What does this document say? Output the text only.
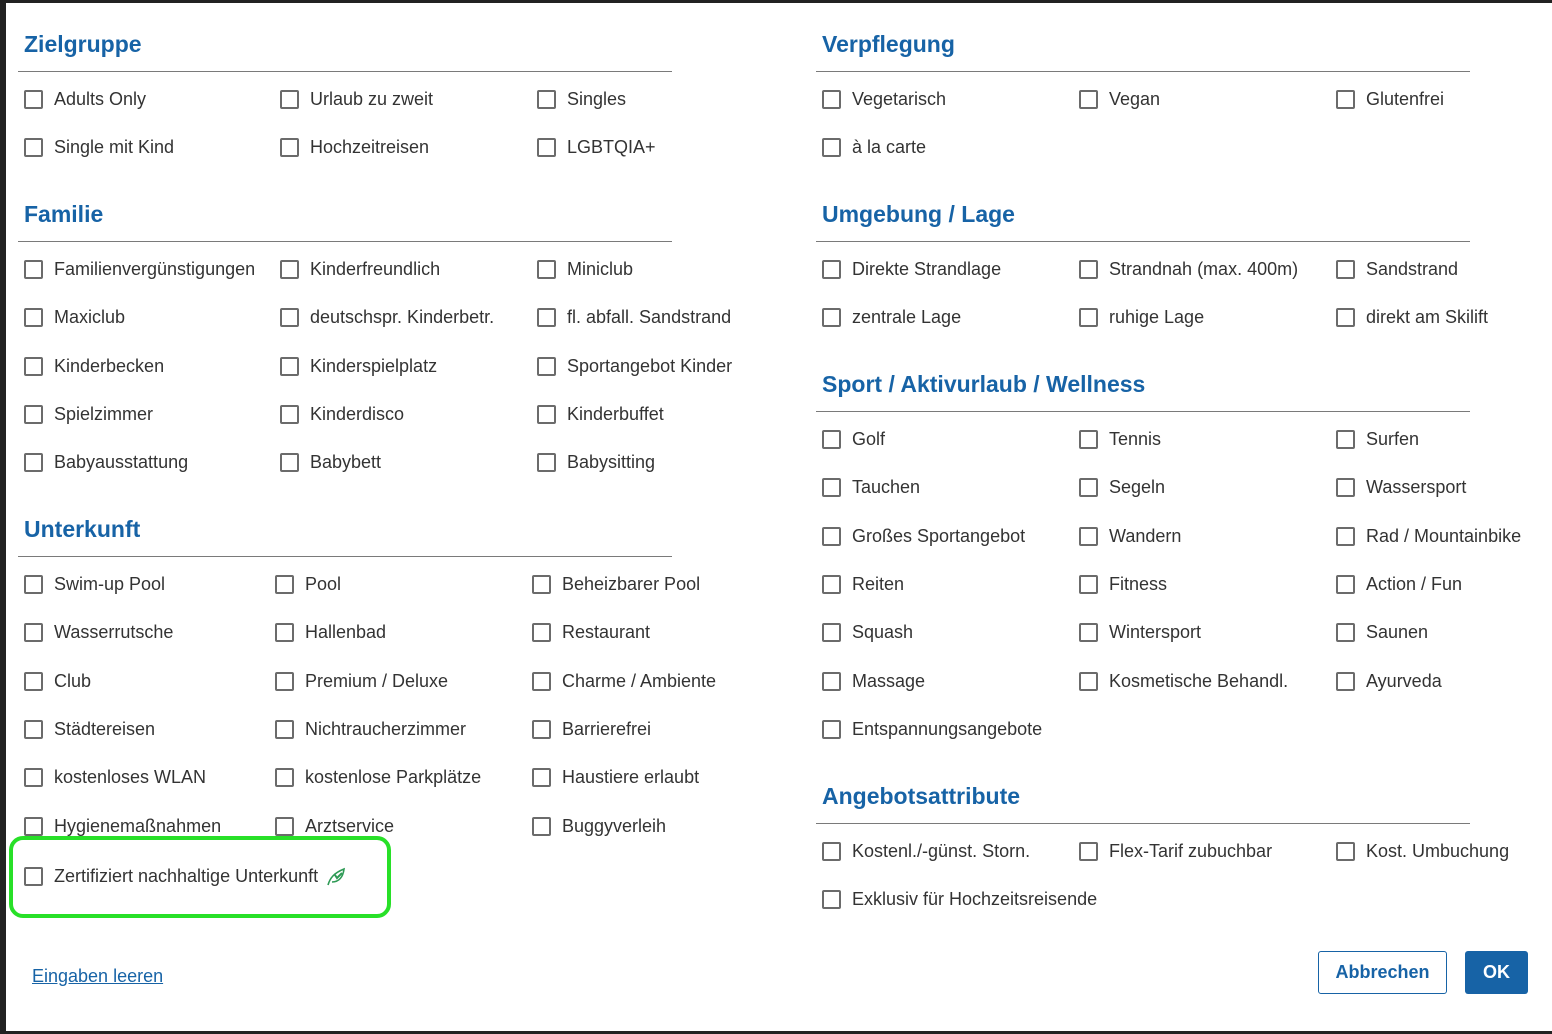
Zielgruppe
Familie
Unterkunft
Verpflegung
Umgebung / Lage
Sport / Aktivurlaub / Wellness
Angebotsattribute
Adults Only	Urlaub zu zweit	Singles
Single mit Kind	Hochzeitreisen	LGBTQIA+
Familienvergünstigungen	Kinderfreundlich	Miniclub
Maxiclub	deutschspr. Kinderbetr.	fl. abfall. Sandstrand
Kinderbecken	Kinderspielplatz	Sportangebot Kinder
Spielzimmer	Kinderdisco	Kinderbuffet
Babyausstattung	Babybett	Babysitting
Swim-up Pool	Pool	Beheizbarer Pool
Wasserrutsche	Hallenbad	Restaurant
Club	Premium / Deluxe	Charme / Ambiente
Städtereisen	Nichtraucherzimmer	Barrierefrei
kostenloses WLAN	kostenlose Parkplätze	Haustiere erlaubt
Hygienemaßnahmen	Arztservice	Buggyverleih
Zertifiziert nachhaltige Unterkunft
Vegetarisch	Vegan	Glutenfrei
à la carte
Direkte Strandlage	Strandnah (max. 400m)	Sandstrand
zentrale Lage	ruhige Lage	direkt am Skilift
Golf	Tennis	Surfen
Tauchen	Segeln	Wassersport
Großes Sportangebot	Wandern	Rad / Mountainbike
Reiten	Fitness	Action / Fun
Squash	Wintersport	Saunen
Massage	Kosmetische Behandl.	Ayurveda
Entspannungsangebote
Kostenl./-günst. Storn.	Flex-Tarif zubuchbar	Kost. Umbuchung
Exklusiv für Hochzeitsreisende
Eingaben leeren	Abbrechen	OK
